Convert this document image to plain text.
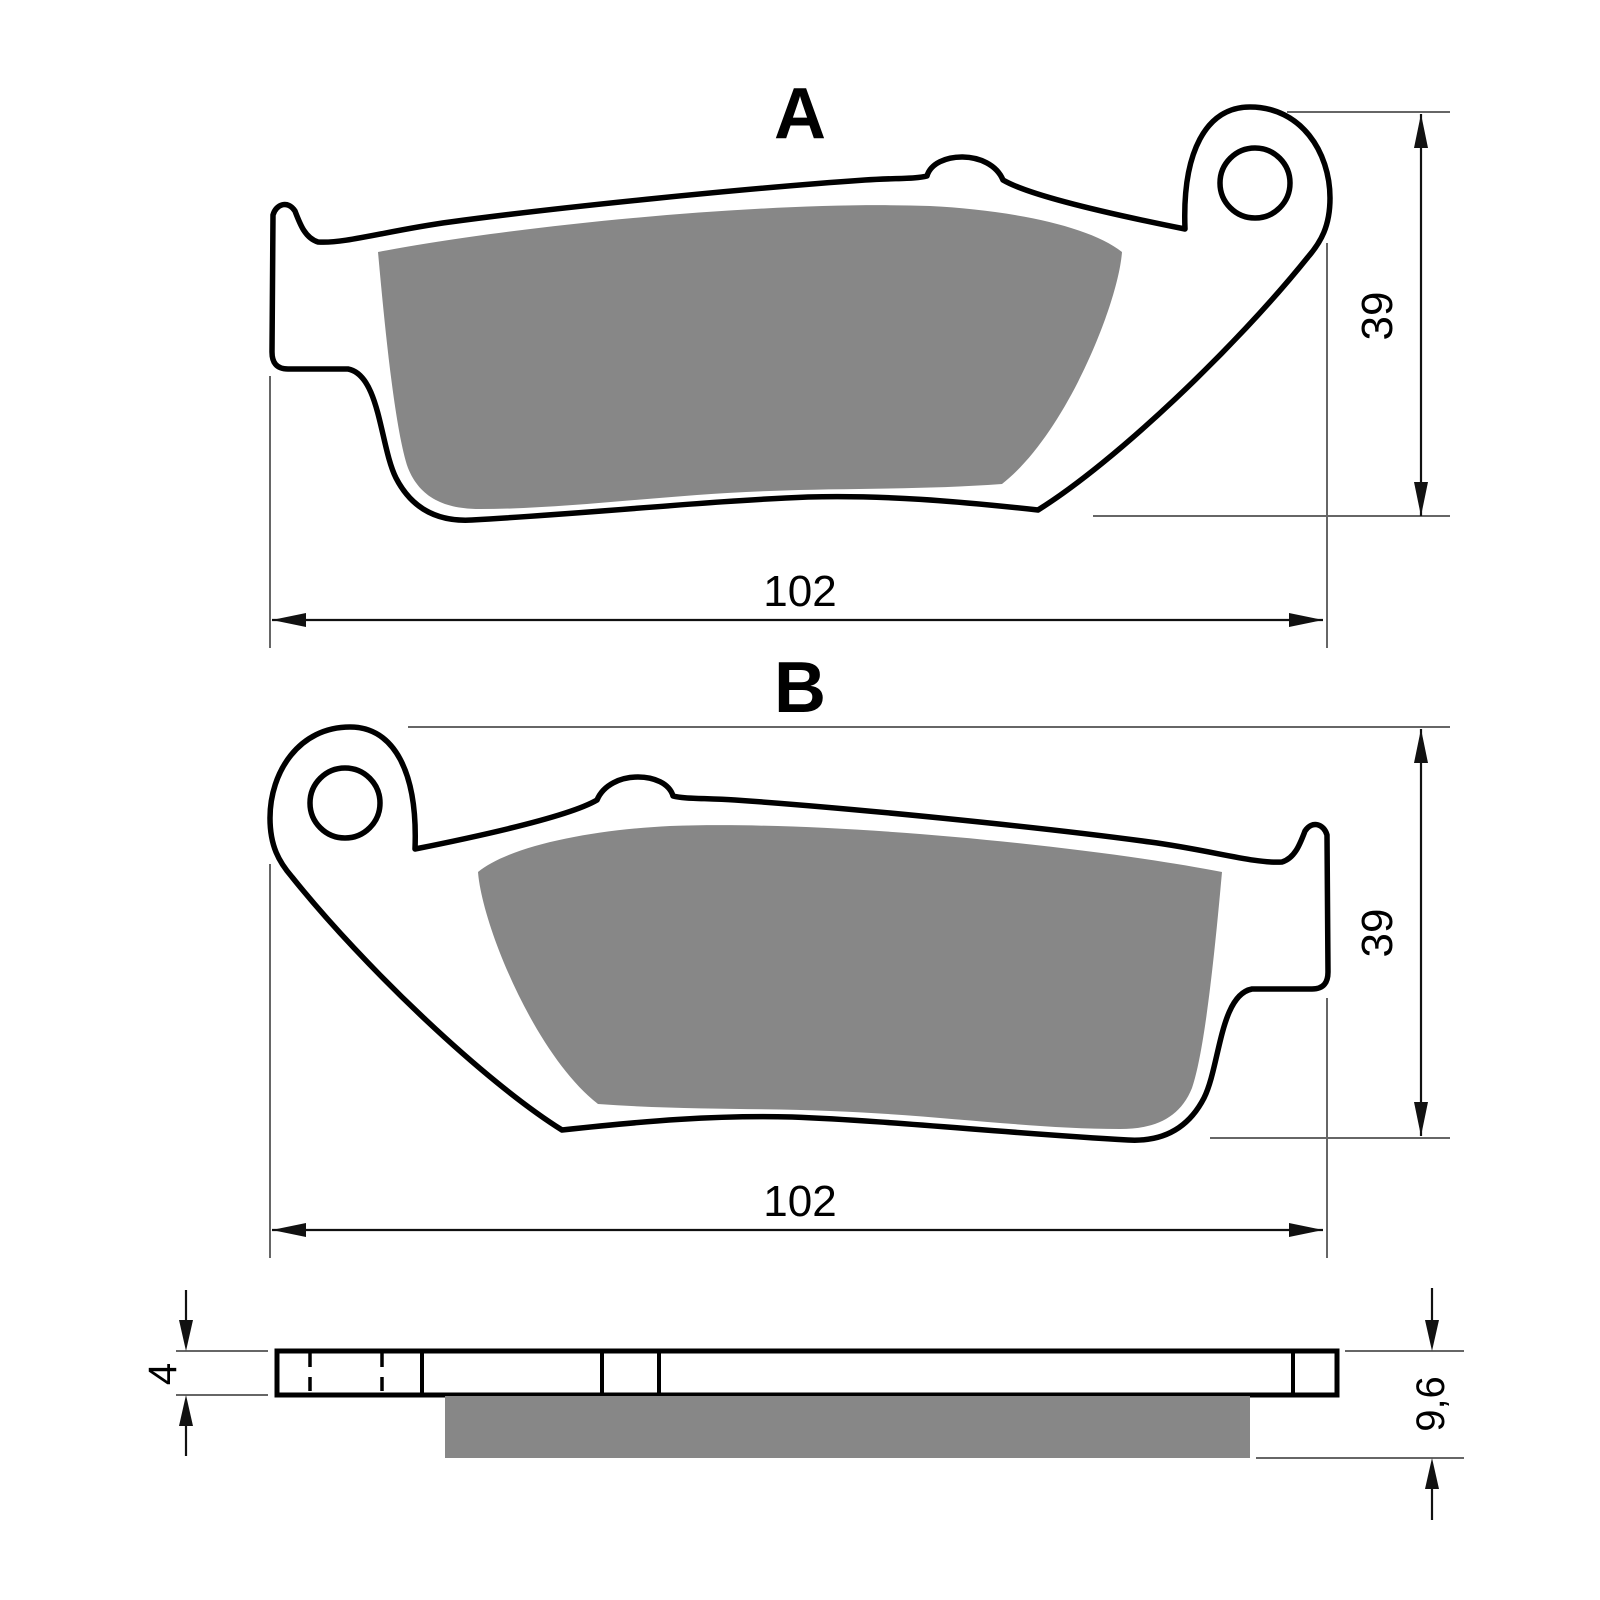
A
39
102
B
39
102
4
9,6
